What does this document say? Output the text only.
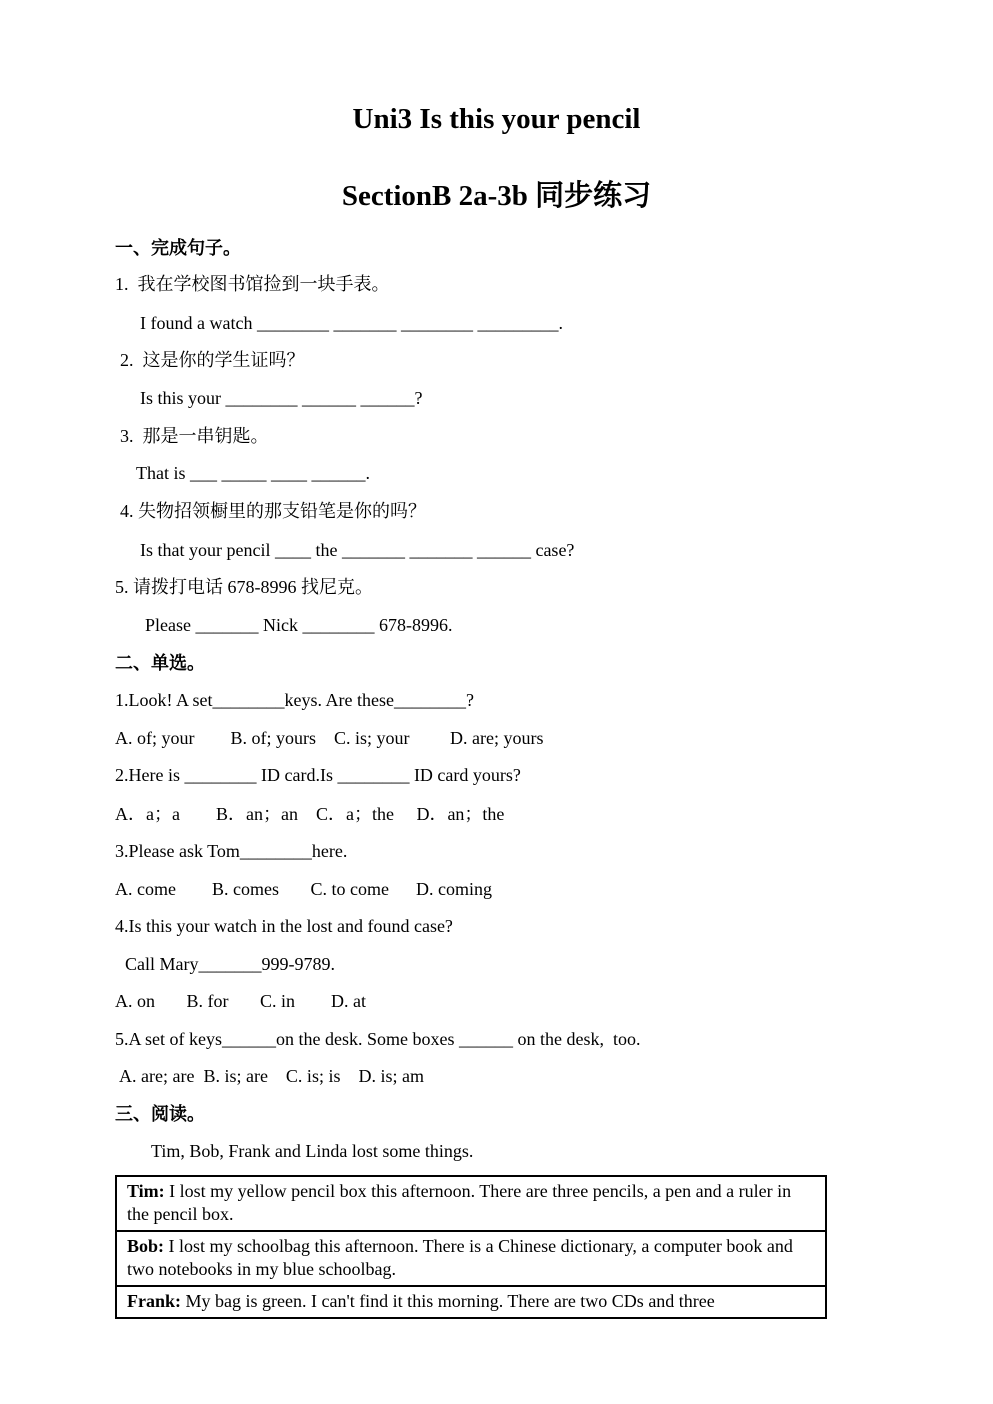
Uni3 Is this your pencil
SectionB 2a-3b 同步练习
一、完成句子。
1.  我在学校图书馆捡到一块手表。
I found a watch ________ _______ ________ _________.
2.  这是你的学生证吗？
Is this your ________ ______ ______?
3.  那是一串钥匙。
That is ___ _____ ____ ______.
4. 失物招领橱里的那支铅笔是你的吗？
Is that your pencil ____ the _______ _______ ______ case?
5. 请拨打电话 678-8996 找尼克。
Please _______ Nick ________ 678-8996.
二、单选。
1.Look! A set________keys. Are these________?
A. of; your        B. of; yours    C. is; your         D. are; yours
2.Here is ________ ID card.Is ________ ID card yours?
A．a；a        B．an；an    C．a；the     D．an；the
3.Please ask Tom________here.
A. come        B. comes       C. to come      D. coming
4.Is this your watch in the lost and found case?
Call Mary_______999-9789.
A. on       B. for       C. in        D. at
5.A set of keys______on the desk. Some boxes ______ on the desk,  too.
A. are; are  B. is; are    C. is; is    D. is; am
三、阅读。
Tim, Bob, Frank and Linda lost some things.
Tim: I lost my yellow pencil box this afternoon. There are three pencils, a pen and a ruler in the pencil box.
Bob: I lost my schoolbag this afternoon. There is a Chinese dictionary, a computer book and two notebooks in my blue schoolbag.
Frank: My bag is green. I can't find it this morning. There are two CDs and three
